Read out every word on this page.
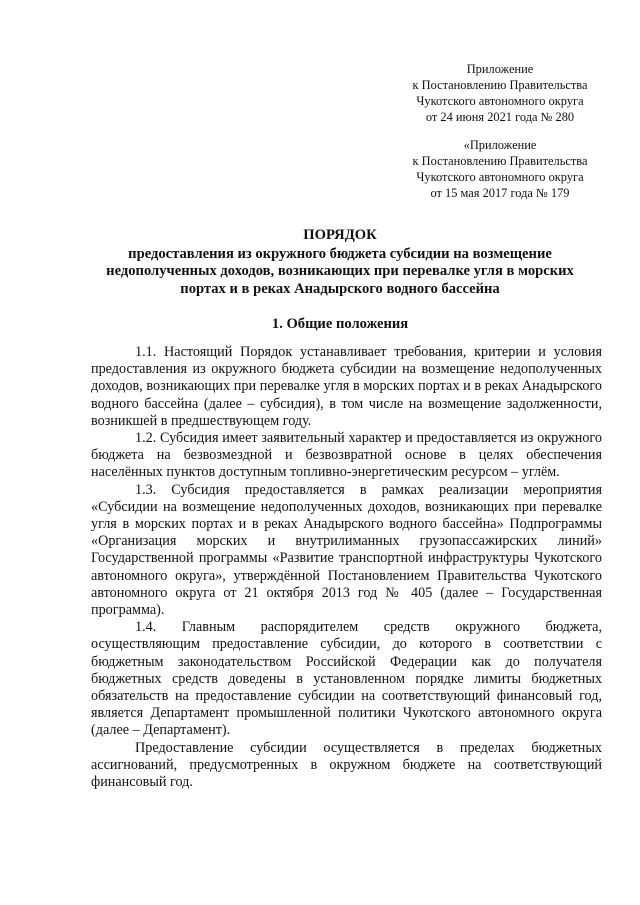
Приложение
к Постановлению Правительства
Чукотского автономного округа
от 24 июня 2021 года № 280
«Приложение
к Постановлению Правительства
Чукотского автономного округа
от 15 мая 2017 года № 179
ПОРЯДОК
предоставления из окружного бюджета субсидии на возмещение
недополученных доходов, возникающих при перевалке угля в морских
портах и в реках Анадырского водного бассейна
1. Общие положения

1.1. Настоящий Порядок устанавливает требования, критерии и условия предоставления из окружного бюджета субсидии на возмещение недополученных доходов, возникающих при перевалке угля в морских портах и в реках Анадырского водного бассейна (далее – субсидия), в том числе на возмещение задолженности, возникшей в предшествующем году.

1.2. Субсидия имеет заявительный характер и предоставляется из окружного бюджета на безвозмездной и безвозвратной основе в целях обеспечения населённых пунктов доступным топливно-энергетическим ресурсом – углём.

1.3. Субсидия предоставляется в рамках реализации мероприятия «Субсидии на возмещение недополученных доходов, возникающих при перевалке угля в морских портах и в реках Анадырского водного бассейна» Подпрограммы «Организация морских и внутрилиманных грузопассажирских линий» Государственной программы «Развитие транспортной инфраструктуры Чукотского автономного округа», утверждённой Постановлением Правительства Чукотского автономного округа от 21 октября 2013 год № 405 (далее – Государственная программа).

1.4. Главным распорядителем средств окружного бюджета, осуществляющим предоставление субсидии, до которого в соответствии с бюджетным законодательством Российской Федерации как до получателя бюджетных средств доведены в установленном порядке лимиты бюджетных обязательств на предоставление субсидии на соответствующий финансовый год, является Департамент промышленной политики Чукотского автономного округа (далее – Департамент).

Предоставление субсидии осуществляется в пределах бюджетных ассигнований, предусмотренных в окружном бюджете на соответствующий финансовый год.
